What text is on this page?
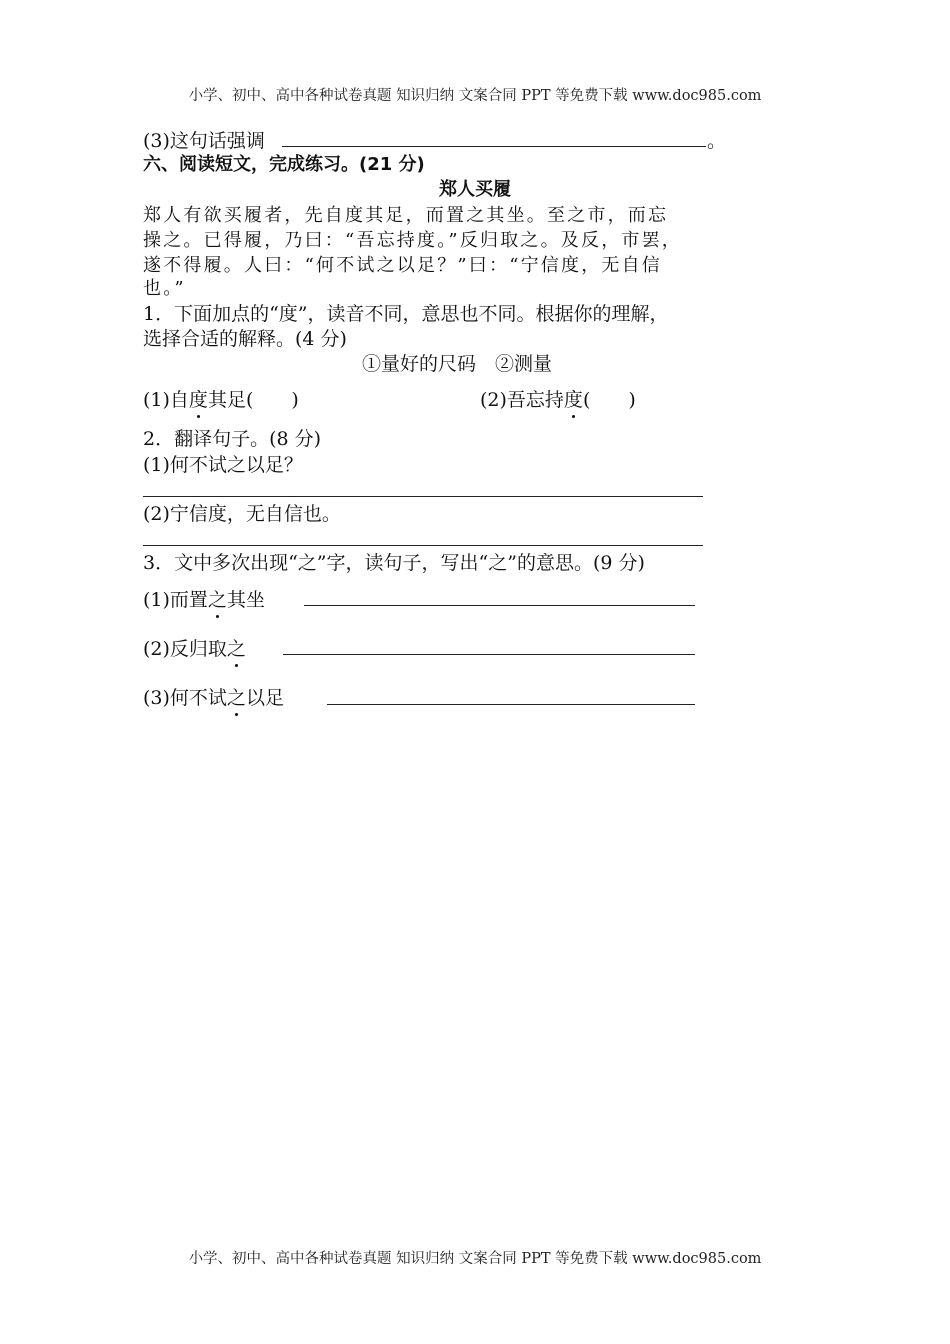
小学、初中、高中各种试卷真题 知识归纳 文案合同 PPT 等免费下载 www.doc985.com
(3)这句话强调	。
六、阅读短文，完成练习。(21 分)
郑人买履
郑人有欲买履者，先自度其足，而置之其坐。至之市，而忘
操之。已得履，乃曰：“吾忘持度。”反归取之。及反，市罢，
遂不得履。人曰：“何不试之以足？”曰：“宁信度，无自信
也。”
1．下面加点的“度”，读音不同，意思也不同。根据你的理解，
选择合适的解释。(4 分)
①量好的尺码　②测量
(1)自度其足(　　)	(2)吾忘持度(　　)
2．翻译句子。(8 分)
(1)何不试之以足？
(2)宁信度，无自信也。
3．文中多次出现“之”字，读句子，写出“之”的意思。(9 分)
(1)而置之其坐
(2)反归取之
(3)何不试之以足
小学、初中、高中各种试卷真题 知识归纳 文案合同 PPT 等免费下载 www.doc985.com
